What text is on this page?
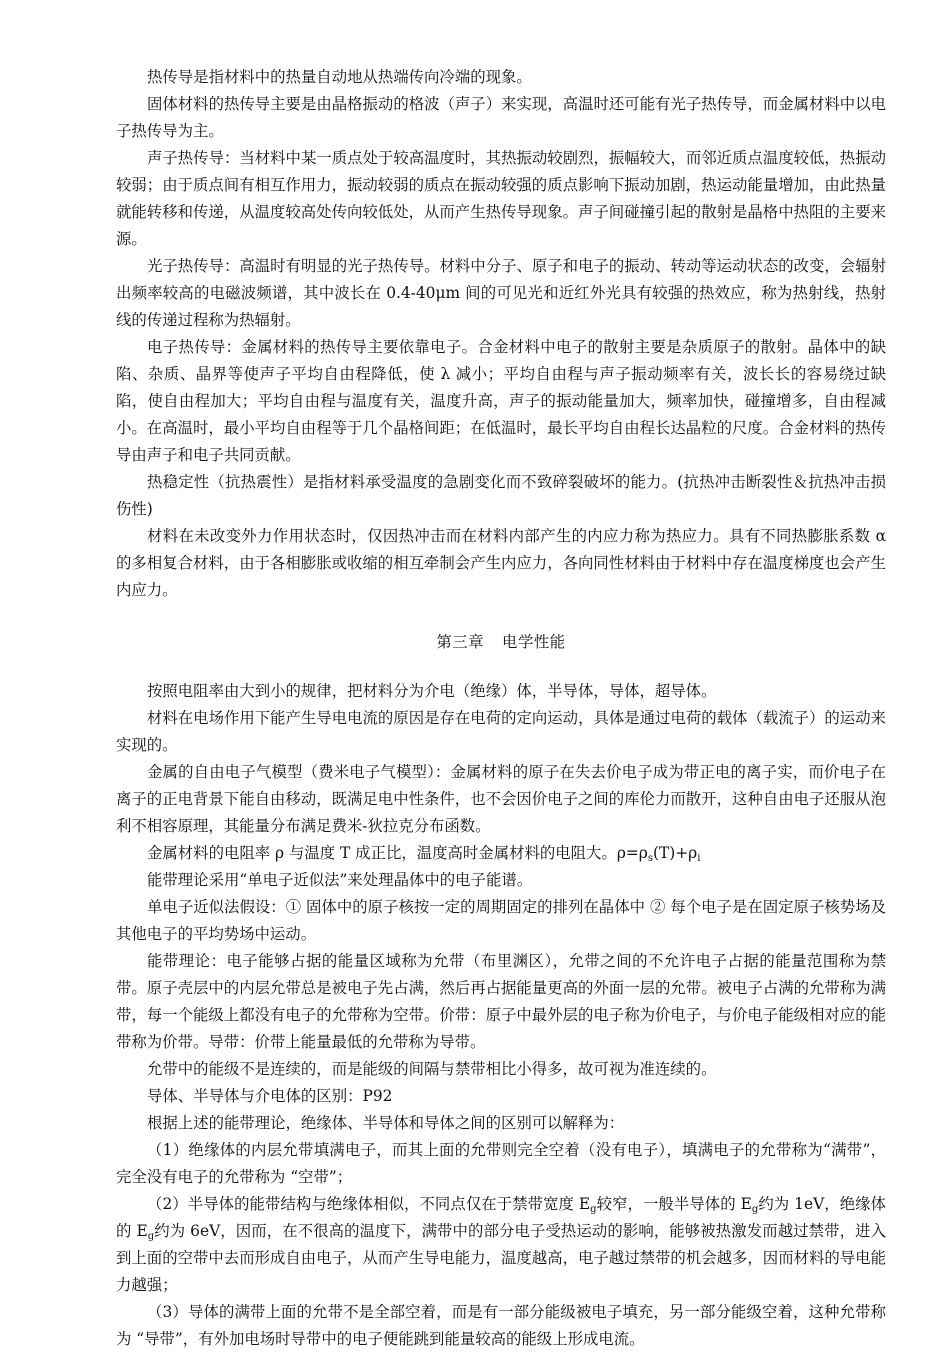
热传导是指材料中的热量自动地从热端传向冷端的现象。

固体材料的热传导主要是由晶格振动的格波（声子）来实现，高温时还可能有光子热传导，而金属材料中以电子热传导为主。

声子热传导：当材料中某一质点处于较高温度时，其热振动较剧烈，振幅较大，而邻近质点温度较低，热振动较弱；由于质点间有相互作用力，振动较弱的质点在振动较强的质点影响下振动加剧，热运动能量增加，由此热量就能转移和传递，从温度较高处传向较低处，从而产生热传导现象。声子间碰撞引起的散射是晶格中热阻的主要来源。

光子热传导：高温时有明显的光子热传导。材料中分子、原子和电子的振动、转动等运动状态的改变，会辐射出频率较高的电磁波频谱，其中波长在 0.4-40μm 间的可见光和近红外光具有较强的热效应，称为热射线，热射线的传递过程称为热辐射。

电子热传导：金属材料的热传导主要依靠电子。合金材料中电子的散射主要是杂质原子的散射。晶体中的缺陷、杂质、晶界等使声子平均自由程降低，使 λ 减小；平均自由程与声子振动频率有关，波长长的容易绕过缺陷，使自由程加大；平均自由程与温度有关，温度升高，声子的振动能量加大，频率加快，碰撞增多，自由程减小。在高温时，最小平均自由程等于几个晶格间距；在低温时，最长平均自由程长达晶粒的尺度。合金材料的热传导由声子和电子共同贡献。

热稳定性（抗热震性）是指材料承受温度的急剧变化而不致碎裂破坏的能力。(抗热冲击断裂性＆抗热冲击损伤性)

材料在未改变外力作用状态时，仅因热冲击而在材料内部产生的内应力称为热应力。具有不同热膨胀系数 α 的多相复合材料，由于各相膨胀或收缩的相互牵制会产生内应力，各向同性材料由于材料中存在温度梯度也会产生内应力。

第三章 电学性能

按照电阻率由大到小的规律，把材料分为介电（绝缘）体，半导体，导体，超导体。

材料在电场作用下能产生导电电流的原因是存在电荷的定向运动，具体是通过电荷的载体（载流子）的运动来实现的。

金属的自由电子气模型（费米电子气模型）：金属材料的原子在失去价电子成为带正电的离子实，而价电子在离子的正电背景下能自由移动，既满足电中性条件，也不会因价电子之间的库伦力而散开，这种自由电子还服从泡利不相容原理，其能量分布满足费米-狄拉克分布函数。

金属材料的电阻率 ρ 与温度 T 成正比，温度高时金属材料的电阻大。$\rho=\rho_s(T)+\rho_i$

能带理论采用“单电子近似法”来处理晶体中的电子能谱。

单电子近似法假设：① 固体中的原子核按一定的周期固定的排列在晶体中 ② 每个电子是在固定原子核势场及其他电子的平均势场中运动。

能带理论：电子能够占据的能量区域称为允带（布里渊区），允带之间的不允许电子占据的能量范围称为禁带。原子壳层中的内层允带总是被电子先占满，然后再占据能量更高的外面一层的允带。被电子占满的允带称为满带，每一个能级上都没有电子的允带称为空带。价带：原子中最外层的电子称为价电子，与价电子能级相对应的能带称为价带。导带：价带上能量最低的允带称为导带。

允带中的能级不是连续的，而是能级的间隔与禁带相比小得多，故可视为准连续的。

导体、半导体与介电体的区别：P92

根据上述的能带理论，绝缘体、半导体和导体之间的区别可以解释为：

（1）绝缘体的内层允带填满电子，而其上面的允带则完全空着（没有电子），填满电子的允带称为“满带”，完全没有电子的允带称为 “空带”；

（2）半导体的能带结构与绝缘体相似，不同点仅在于禁带宽度 $E_g$较窄，一般半导体的 $E_g$约为 1eV，绝缘体的 $E_g$约为 6eV，因而，在不很高的温度下，满带中的部分电子受热运动的影响，能够被热激发而越过禁带，进入到上面的空带中去而形成自由电子，从而产生导电能力，温度越高，电子越过禁带的机会越多，因而材料的导电能力越强；

（3）导体的满带上面的允带不是全部空着，而是有一部分能级被电子填充，另一部分能级空着，这种允带称为 “导带”，有外加电场时导带中的电子便能跳到能量较高的能级上形成电流。
